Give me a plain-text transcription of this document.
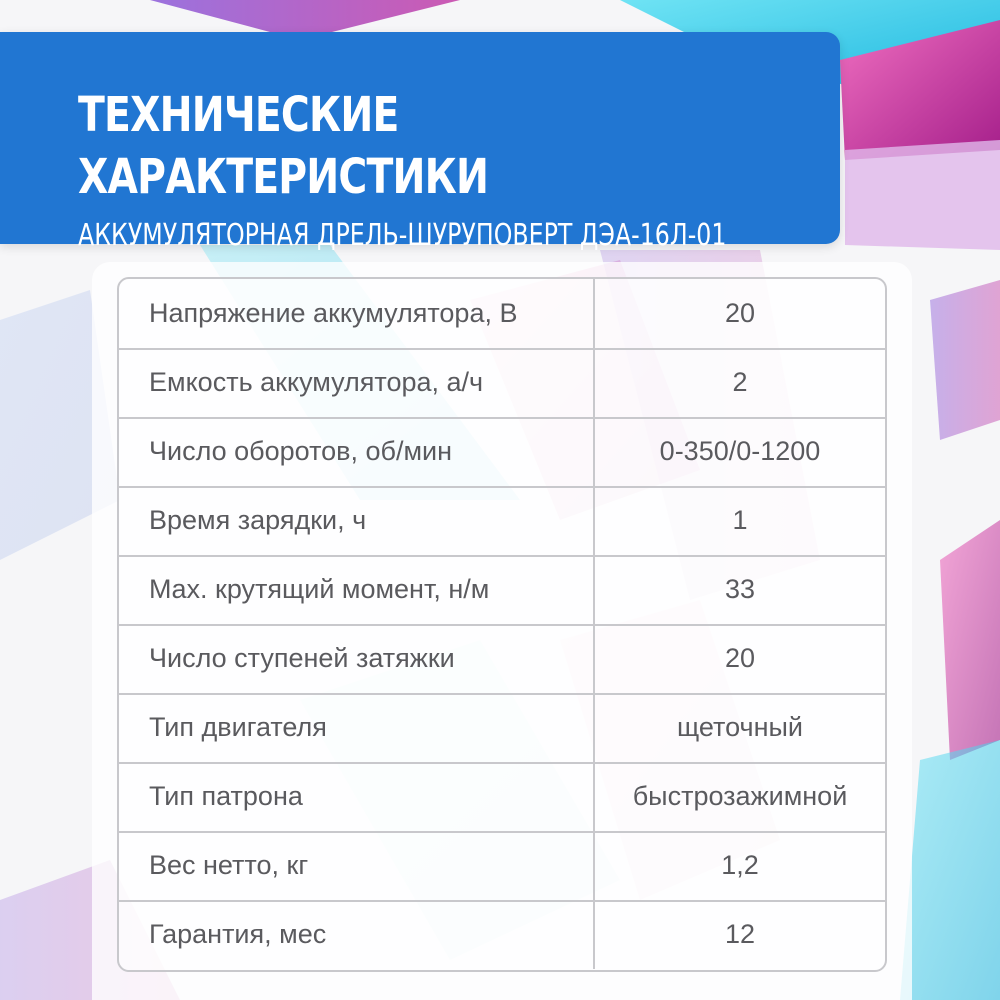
ТЕХНИЧЕСКИЕ
ХАРАКТЕРИСТИКИ

АККУМУЛЯТОРНАЯ ДРЕЛЬ-ШУРУПОВЕРТ ДЭА-16Л-01

Напряжение аккумулятора, В	20
Емкость аккумулятора, а/ч	2
Число оборотов, об/мин	0-350/0-1200
Время зарядки, ч	1
Max. крутящий момент, н/м	33
Число ступеней затяжки	20
Тип двигателя	щеточный
Тип патрона	быстрозажимной
Вес нетто, кг	1,2
Гарантия, мес	12
